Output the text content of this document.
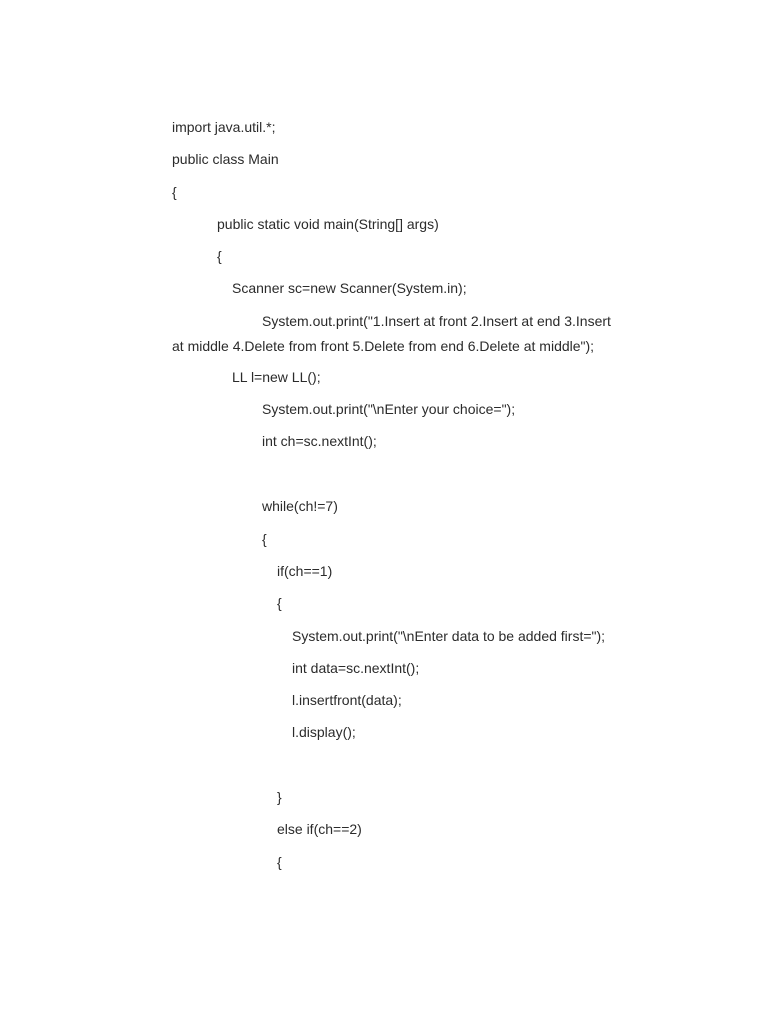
import java.util.*;
public class Main
{
public static void main(String[] args)
{
Scanner sc=new Scanner(System.in);
System.out.print("1.Insert at front 2.Insert at end 3.Insert
at middle 4.Delete from front 5.Delete from end 6.Delete at middle");
LL l=new LL();
System.out.print("\nEnter your choice=");
int ch=sc.nextInt();
while(ch!=7)
{
if(ch==1)
{
System.out.print("\nEnter data to be added first=");
int data=sc.nextInt();
l.insertfront(data);
l.display();
}
else if(ch==2)
{
